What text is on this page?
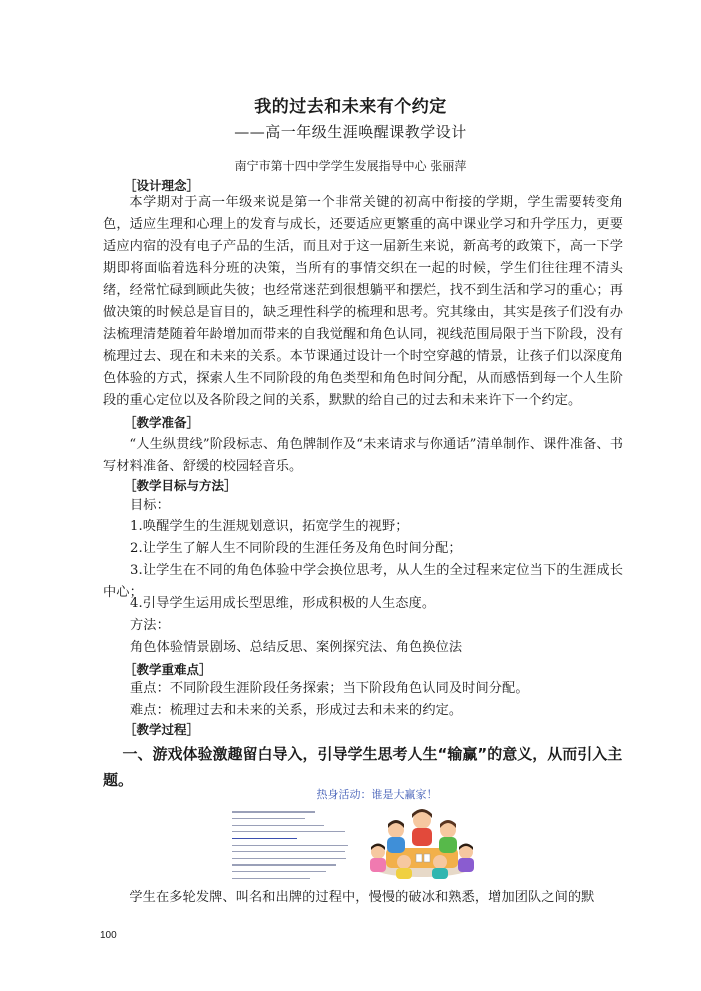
我的过去和未来有个约定
——高一年级生涯唤醒课教学设计
南宁市第十四中学学生发展指导中心 张丽萍
［设计理念］
本学期对于高一年级来说是第一个非常关键的初高中衔接的学期，学生需要转变角色，适应生理和心理上的发育与成长，还要适应更繁重的高中课业学习和升学压力，更要适应内宿的没有电子产品的生活，而且对于这一届新生来说，新高考的政策下，高一下学期即将面临着选科分班的决策，当所有的事情交织在一起的时候，学生们往往理不清头绪，经常忙碌到顾此失彼；也经常迷茫到很想躺平和摆烂，找不到生活和学习的重心；再做决策的时候总是盲目的，缺乏理性科学的梳理和思考。究其缘由，其实是孩子们没有办法梳理清楚随着年龄增加而带来的自我觉醒和角色认同，视线范围局限于当下阶段，没有梳理过去、现在和未来的关系。本节课通过设计一个时空穿越的情景，让孩子们以深度角色体验的方式，探索人生不同阶段的角色类型和角色时间分配，从而感悟到每一个人生阶段的重心定位以及各阶段之间的关系，默默的给自己的过去和未来许下一个约定。
［教学准备］
“人生纵贯线”阶段标志、角色牌制作及“未来请求与你通话”清单制作、课件准备、书写材料准备、舒缓的校园轻音乐。
［教学目标与方法］
目标：
1.唤醒学生的生涯规划意识，拓宽学生的视野；
2.让学生了解人生不同阶段的生涯任务及角色时间分配；
3.让学生在不同的角色体验中学会换位思考，从人生的全过程来定位当下的生涯成长中心；
4.引导学生运用成长型思维，形成积极的人生态度。
方法：
角色体验情景剧场、总结反思、案例探究法、角色换位法
［教学重难点］
重点：不同阶段生涯阶段任务探索；当下阶段角色认同及时间分配。
难点：梳理过去和未来的关系，形成过去和未来的约定。
［教学过程］
一、游戏体验激趣留白导入，引导学生思考人生“输赢”的意义，从而引入主题。
热身活动：谁是大赢家！
学生在多轮发牌、叫名和出牌的过程中，慢慢的破冰和熟悉，增加团队之间的默
100
